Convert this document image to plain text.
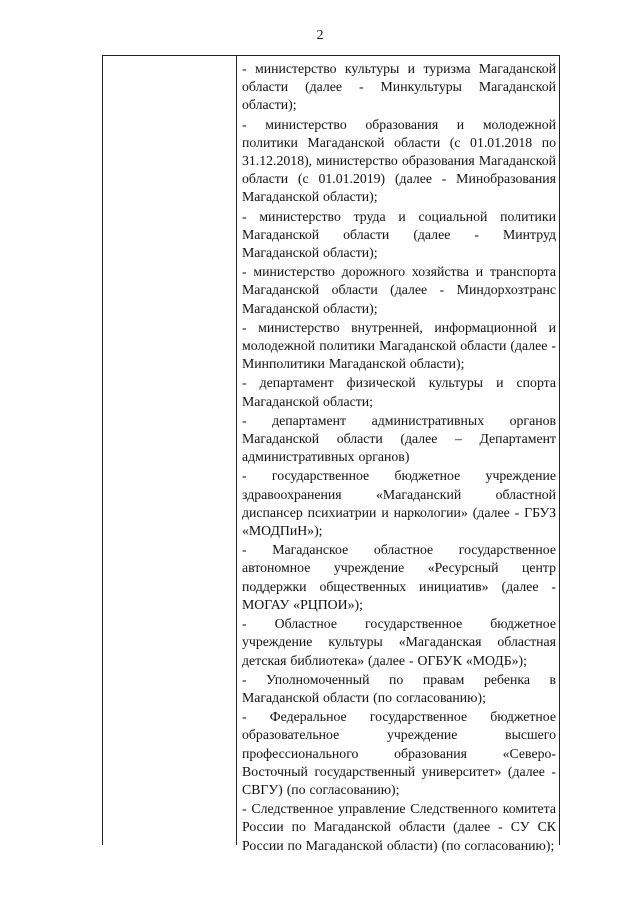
2

- министерство культуры и туризма Магаданской области (далее - Минкультуры Магаданской области);

- министерство образования и молодежной политики Магаданской области (с 01.01.2018 по 31.12.2018), министерство образования Магаданской области (с 01.01.2019) (далее - Минобразования Магаданской области);

- министерство труда и социальной политики Магаданской области (далее - Минтруд Магаданской области);

- министерство дорожного хозяйства и транспорта Магаданской области (далее - Миндорхозтранс Магаданской области);

- министерство внутренней, информационной и молодежной политики Магаданской области (далее - Минполитики Магаданской области);

- департамент физической культуры и спорта Магаданской области;

- департамент административных органов Магаданской области (далее – Департамент административных органов)

- государственное бюджетное учреждение здравоохранения «Магаданский областной диспансер психиатрии и наркологии» (далее - ГБУЗ «МОДПиН»);

- Магаданское областное государственное автономное учреждение «Ресурсный центр поддержки общественных инициатив» (далее - МОГАУ «РЦПОИ»);

- Областное государственное бюджетное учреждение культуры «Магаданская областная детская библиотека» (далее - ОГБУК «МОДБ»);

- Уполномоченный по правам ребенка в Магаданской области (по согласованию);

- Федеральное государственное бюджетное образовательное учреждение высшего профессионального образования «Северо-Восточный государственный университет» (далее - СВГУ) (по согласованию);

- Следственное управление Следственного комитета России по Магаданской области (далее - СУ СК России по Магаданской области) (по согласованию);
